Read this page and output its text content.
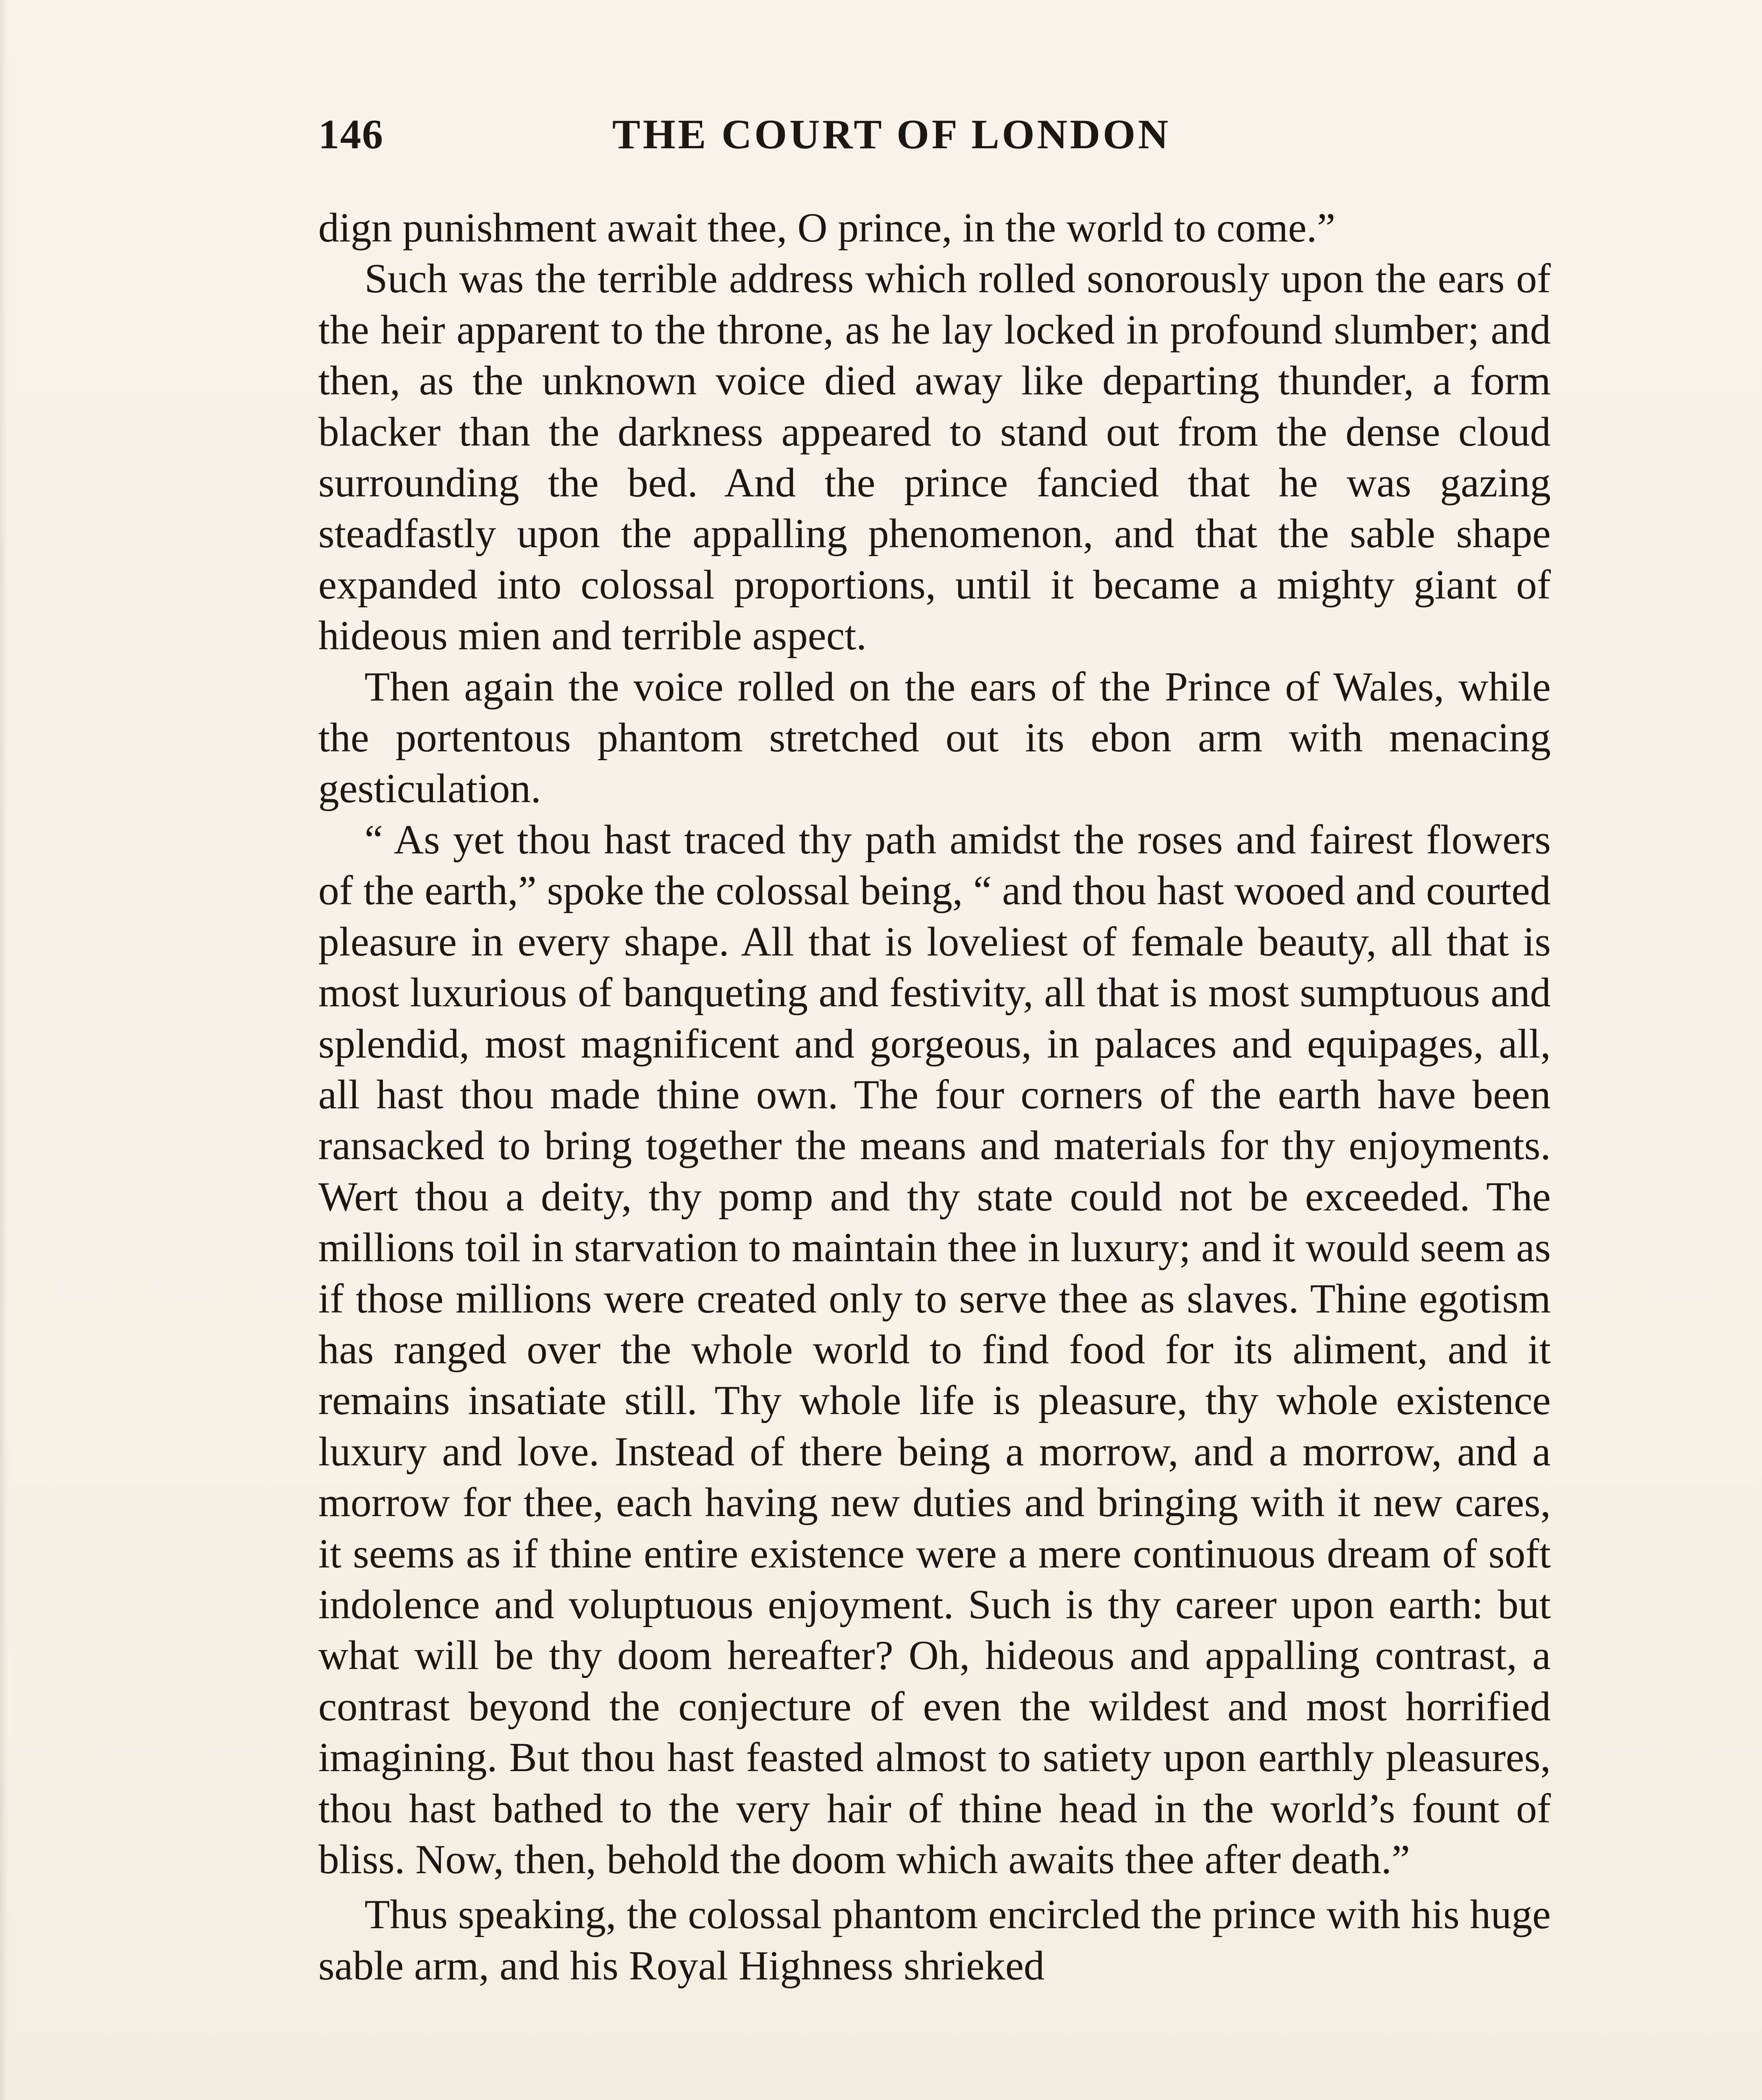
146	THE COURT OF LONDON

dign punishment await thee, O prince, in the world to come.”

Such was the terrible address which rolled sonorously upon the ears of the heir apparent to the throne, as he lay locked in profound slumber; and then, as the unknown voice died away like departing thunder, a form blacker than the darkness appeared to stand out from the dense cloud surrounding the bed. And the prince fancied that he was gazing steadfastly upon the appalling phenomenon, and that the sable shape expanded into colossal proportions, until it became a mighty giant of hideous mien and terrible aspect.

Then again the voice rolled on the ears of the Prince of Wales, while the portentous phantom stretched out its ebon arm with menacing gesticulation.

“ As yet thou hast traced thy path amidst the roses and fairest flowers of the earth,” spoke the colossal being, “ and thou hast wooed and courted pleasure in every shape. All that is loveliest of female beauty, all that is most luxurious of banqueting and festivity, all that is most sumptuous and splendid, most magnificent and gorgeous, in palaces and equipages, all, all hast thou made thine own. The four corners of the earth have been ransacked to bring together the means and materials for thy enjoyments. Wert thou a deity, thy pomp and thy state could not be exceeded. The millions toil in starvation to maintain thee in luxury; and it would seem as if those millions were created only to serve thee as slaves. Thine egotism has ranged over the whole world to find food for its aliment, and it remains insatiate still. Thy whole life is pleasure, thy whole existence luxury and love. Instead of there being a morrow, and a morrow, and a morrow for thee, each having new duties and bringing with it new cares, it seems as if thine entire existence were a mere continuous dream of soft indolence and voluptuous enjoyment. Such is thy career upon earth: but what will be thy doom hereafter? Oh, hideous and appalling contrast, a contrast beyond the conjecture of even the wildest and most horrified imagining. But thou hast feasted almost to satiety upon earthly pleasures, thou hast bathed to the very hair of thine head in the world’s fount of bliss. Now, then, behold the doom which awaits thee after death.”

Thus speaking, the colossal phantom encircled the prince with his huge sable arm, and his Royal Highness shrieked
